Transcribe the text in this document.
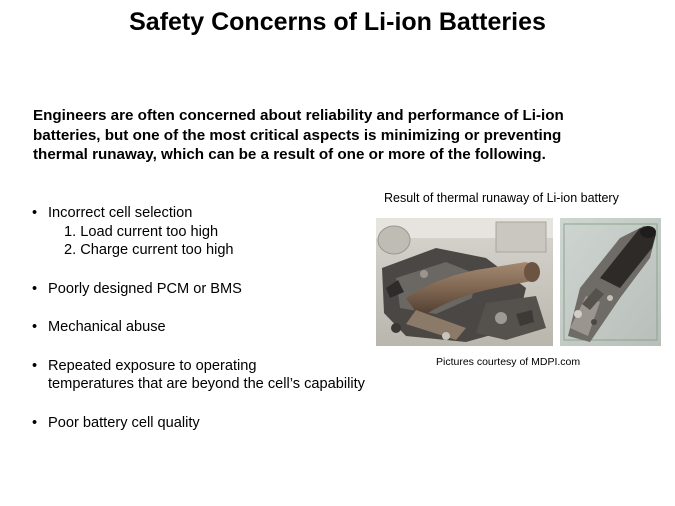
Safety Concerns of Li-ion Batteries
Engineers are often concerned about reliability and performance of Li-ion
batteries, but one of the most critical aspects is minimizing or preventing
thermal runaway, which can be a result of one or more of the following.
• Incorrect cell selection
1. Load current too high
2. Charge current too high
• Poorly designed PCM or BMS
• Mechanical abuse
• Repeated exposure to operating
temperatures that are beyond the cell’s capability
• Poor battery cell quality
Result of thermal runaway of Li-ion battery
Pictures courtesy of MDPI.com
